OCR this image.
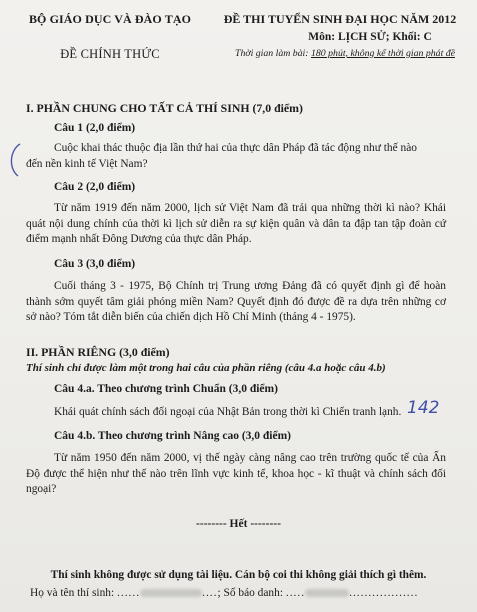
BỘ GIÁO DỤC VÀ ĐÀO TẠO
ĐỀ CHÍNH THỨC
ĐỀ THI TUYỂN SINH ĐẠI HỌC NĂM 2012
Môn: LỊCH SỬ; Khối: C
Thời gian làm bài: 180 phút, không kể thời gian phát đề
I. PHẦN CHUNG CHO TẤT CẢ THÍ SINH (7,0 điểm)
Câu 1 (2,0 điểm)
Cuộc khai thác thuộc địa lần thứ hai của thực dân Pháp đã tác động như thế nào
đến nền kinh tế Việt Nam?
Câu 2 (2,0 điểm)
Từ năm 1919 đến năm 2000, lịch sử Việt Nam đã trải qua những thời kì nào? Khái quát nội dung chính của thời kì lịch sử diễn ra sự kiện quân và dân ta đập tan tập đoàn cứ điểm mạnh nhất Đông Dương của thực dân Pháp.
Câu 3 (3,0 điểm)
Cuối tháng 3 - 1975, Bộ Chính trị Trung ương Đảng đã có quyết định gì để hoàn thành sớm quyết tâm giải phóng miền Nam? Quyết định đó được đề ra dựa trên những cơ sở nào? Tóm tắt diễn biến của chiến dịch Hồ Chí Minh (tháng 4 - 1975).
II. PHẦN RIÊNG (3,0 điểm)
Thí sinh chỉ được làm một trong hai câu của phần riêng (câu 4.a hoặc câu 4.b)
Câu 4.a. Theo chương trình Chuẩn (3,0 điểm)
Khái quát chính sách đối ngoại của Nhật Bản trong thời kì Chiến tranh lạnh.
Câu 4.b. Theo chương trình Nâng cao (3,0 điểm)
Từ năm 1950 đến năm 2000, vị thế ngày càng nâng cao trên trường quốc tế của Ấn Độ được thể hiện như thế nào trên lĩnh vực kinh tế, khoa học - kĩ thuật và chính sách đối ngoại?
-------- Hết --------
Thí sinh không được sử dụng tài liệu. Cán bộ coi thi không giải thích gì thêm.
Họ và tên thí sinh: ......	....; Số báo danh: .....	..................
142
